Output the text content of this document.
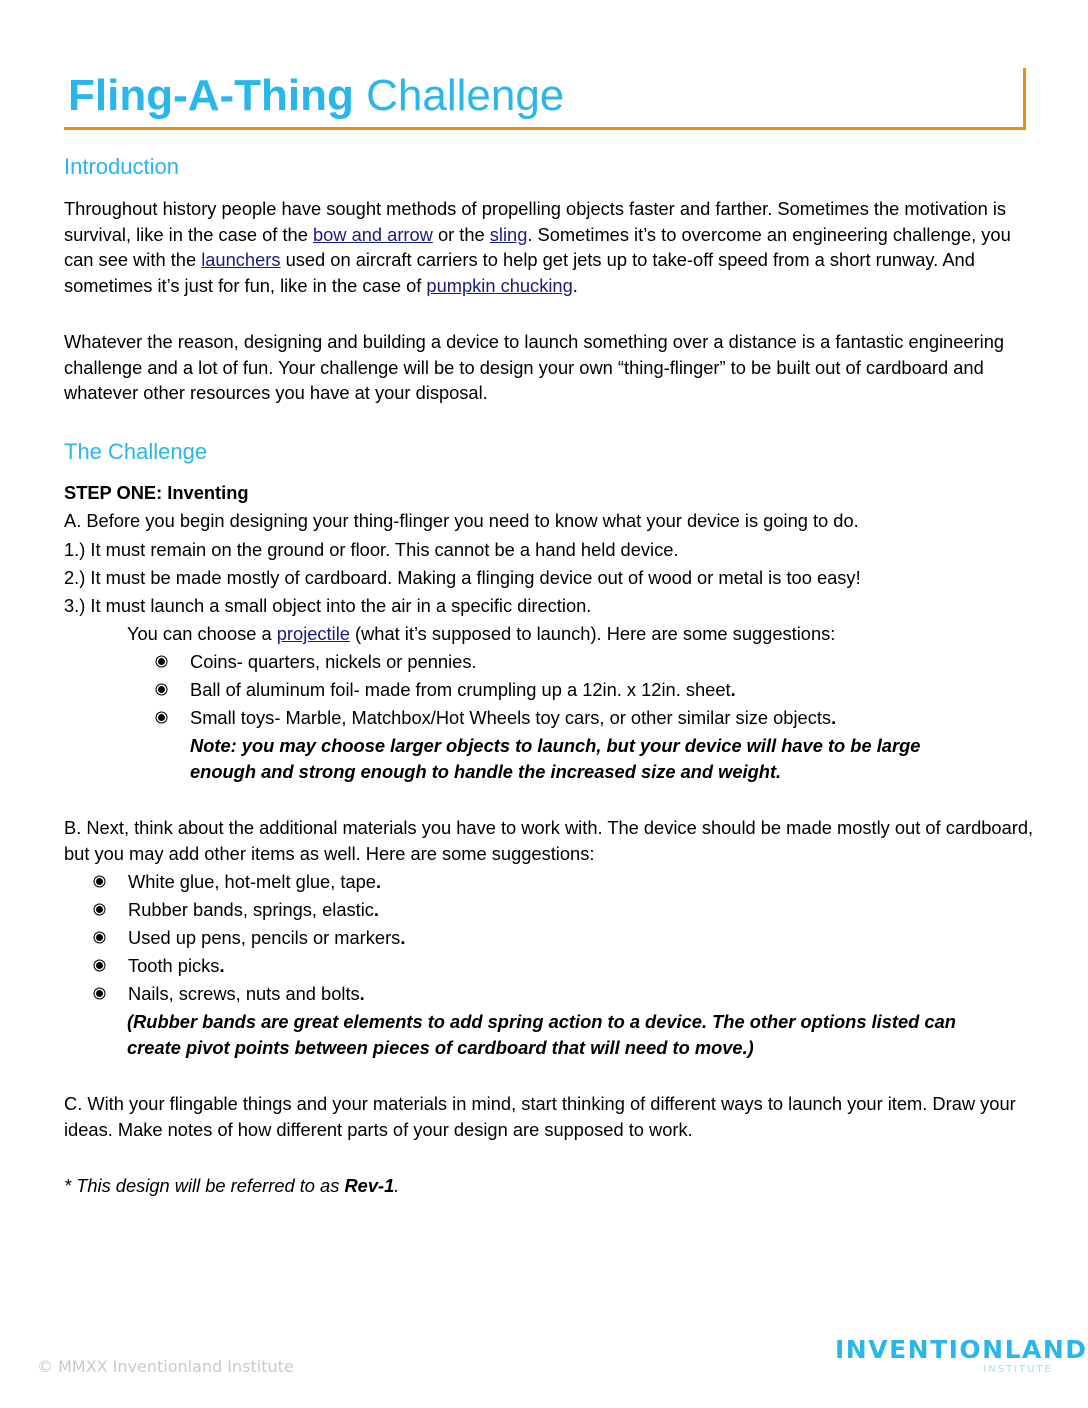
Fling-A-Thing Challenge
Introduction

Throughout history people have sought methods of propelling objects faster and farther. Sometimes the motivation is survival, like in the case of the bow and arrow or the sling. Sometimes it’s to overcome an engineering challenge, you can see with the launchers used on aircraft carriers to help get jets up to take-off speed from a short runway. And sometimes it’s just for fun, like in the case of pumpkin chucking.

Whatever the reason, designing and building a device to launch something over a distance is a fantastic engineering challenge and a lot of fun. Your challenge will be to design your own “thing-flinger” to be built out of cardboard and whatever other resources you have at your disposal.

The Challenge

STEP ONE: Inventing

A. Before you begin designing your thing-flinger you need to know what your device is going to do.

1.) It must remain on the ground or floor. This cannot be a hand held device.

2.) It must be made mostly of cardboard. Making a flinging device out of wood or metal is too easy!

3.) It must launch a small object into the air in a specific direction.

You can choose a projectile (what it’s supposed to launch). Here are some suggestions:

Coins- quarters, nickels or pennies.

Ball of aluminum foil- made from crumpling up a 12in. x 12in. sheet.

Small toys- Marble, Matchbox/Hot Wheels toy cars, or other similar size objects.

Note: you may choose larger objects to launch, but your device will have to be large

enough and strong enough to handle the increased size and weight.

B. Next, think about the additional materials you have to work with. The device should be made mostly out of cardboard, but you may add other items as well. Here are some suggestions:

White glue, hot-melt glue, tape.

Rubber bands, springs, elastic.

Used up pens, pencils or markers.

Tooth picks.

Nails, screws, nuts and bolts.

(Rubber bands are great elements to add spring action to a device. The other options listed can

create pivot points between pieces of cardboard that will need to move.)

C. With your flingable things and your materials in mind, start thinking of different ways to launch your item. Draw your ideas. Make notes of how different parts of your design are supposed to work.

* This design will be referred to as Rev-1.

© MMXX Inventionland Institute
INVENTIONLAND
INSTITUTE
